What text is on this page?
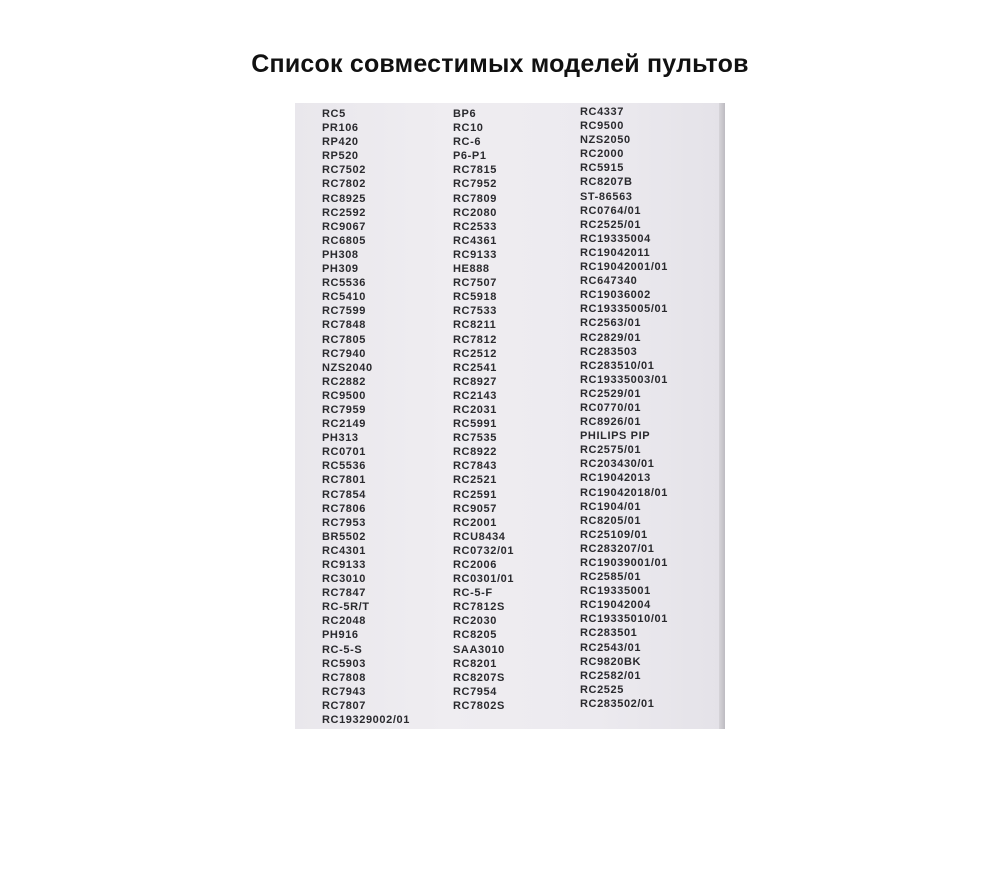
Список совместимых моделей пультов
RC5
PR106
RP420
RP520
RC7502
RC7802
RC8925
RC2592
RC9067
RC6805
PH308
PH309
RC5536
RC5410
RC7599
RC7848
RC7805
RC7940
NZS2040
RC2882
RC9500
RC7959
RC2149
PH313
RC0701
RC5536
RC7801
RC7854
RC7806
RC7953
BR5502
RC4301
RC9133
RC3010
RC7847
RC-5R/T
RC2048
PH916
RC-5-S
RC5903
RC7808
RC7943
RC7807
RC19329002/01
BP6
RC10
RC-6
P6-P1
RC7815
RC7952
RC7809
RC2080
RC2533
RC4361
RC9133
HE888
RC7507
RC5918
RC7533
RC8211
RC7812
RC2512
RC2541
RC8927
RC2143
RC2031
RC5991
RC7535
RC8922
RC7843
RC2521
RC2591
RC9057
RC2001
RCU8434
RC0732/01
RC2006
RC0301/01
RC-5-F
RC7812S
RC2030
RC8205
SAA3010
RC8201
RC8207S
RC7954
RC7802S
RC4337
RC9500
NZS2050
RC2000
RC5915
RC8207B
ST-86563
RC0764/01
RC2525/01
RC19335004
RC19042011
RC19042001/01
RC647340
RC19036002
RC19335005/01
RC2563/01
RC2829/01
RC283503
RC283510/01
RC19335003/01
RC2529/01
RC0770/01
RC8926/01
PHILIPS PIP
RC2575/01
RC203430/01
RC19042013
RC19042018/01
RC1904/01
RC8205/01
RC25109/01
RC283207/01
RC19039001/01
RC2585/01
RC19335001
RC19042004
RC19335010/01
RC283501
RC2543/01
RC9820BK
RC2582/01
RC2525
RC283502/01
